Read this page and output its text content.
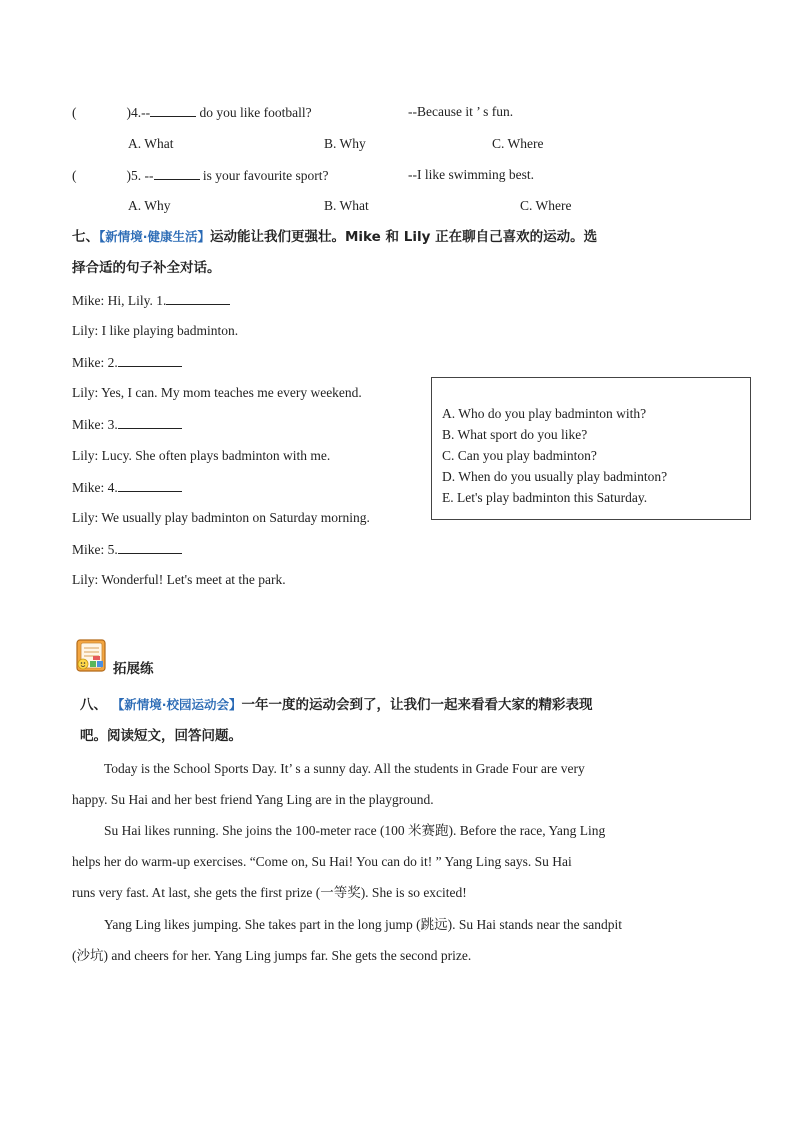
(	)4.--	do you like football?	--Because it ’ s fun.
A. What	B. Why	C. Where
(	)5. --	is your favourite sport?	--I like swimming best.
A. Why	B. What	C. Where
七、【新情境·健康生活】运动能让我们更强壮。Mike 和 Lily 正在聊自己喜欢的运动。选
择合适的句子补全对话。
Mike: Hi, Lily. 1.
Lily: I like playing badminton.
Mike: 2.
Lily: Yes, I can. My mom teaches me every weekend.
Mike: 3.
Lily: Lucy. She often plays badminton with me.
Mike: 4.
Lily: We usually play badminton on Saturday morning.
Mike: 5.
Lily: Wonderful! Let's meet at the park.
A. Who do you play badminton with?
B. What sport do you like?
C. Can you play badminton?
D. When do you usually play badminton?
E. Let's play badminton this Saturday.
拓展练
八、 【新情境·校园运动会】一年一度的运动会到了，让我们一起来看看大家的精彩表现
吧。阅读短文，回答问题。
Today is the School Sports Day. It’ s a sunny day. All the students in Grade Four are very
happy. Su Hai and her best friend Yang Ling are in the playground.
Su Hai likes running. She joins the 100-meter race (100 米赛跑). Before the race, Yang Ling
helps her do warm-up exercises. “Come on, Su Hai! You can do it! ” Yang Ling says. Su Hai
runs very fast. At last, she gets the first prize (一等奖). She is so excited!
Yang Ling likes jumping. She takes part in the long jump (跳远). Su Hai stands near the sandpit
(沙坑) and cheers for her. Yang Ling jumps far. She gets the second prize.
